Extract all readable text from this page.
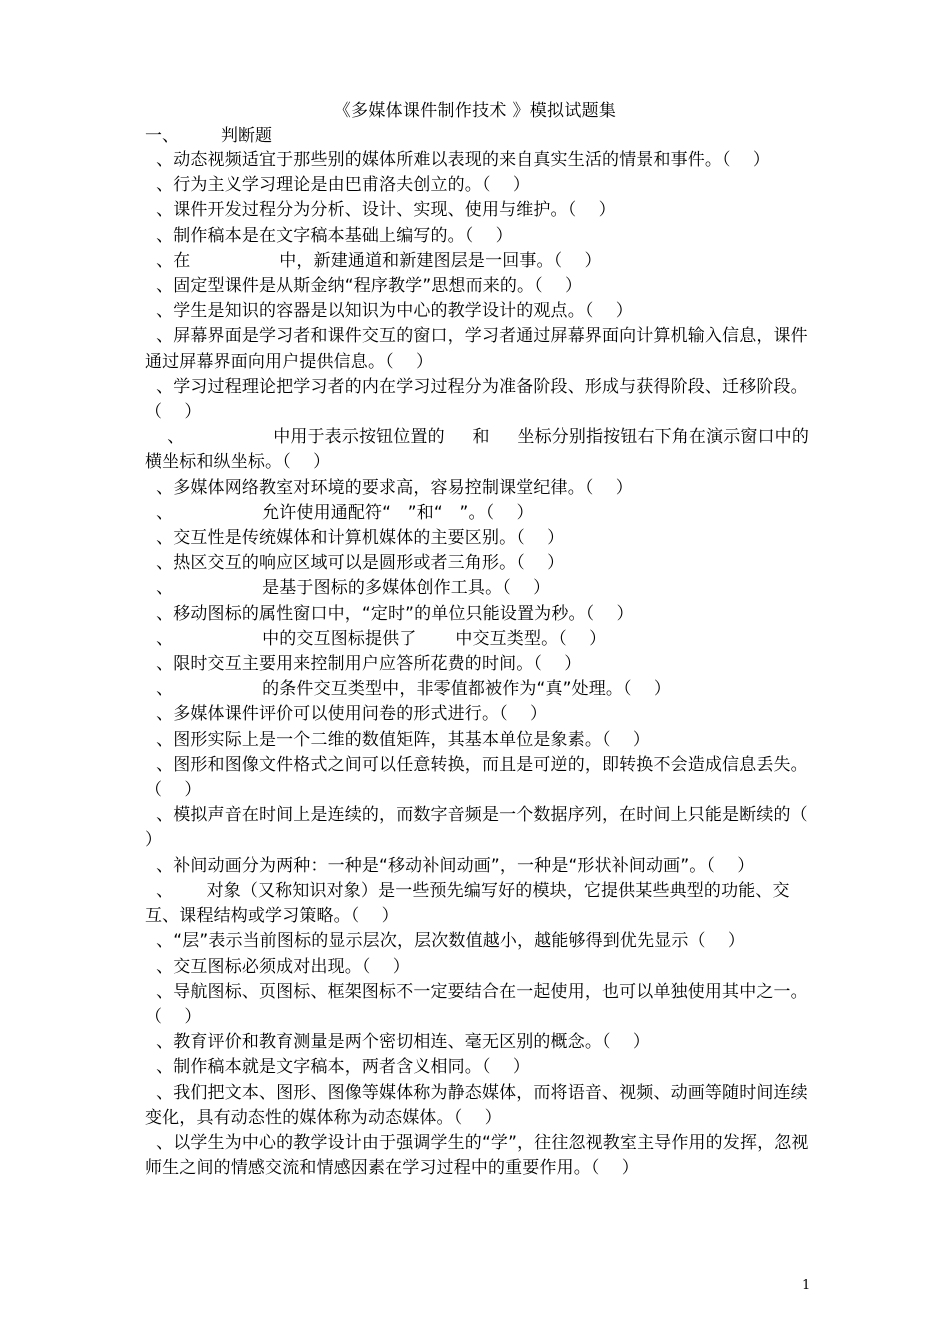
《多媒体课件制作技术 》模拟试题集
一、 判断题

、动态视频适宜于那些别的媒体所难以表现的来自真实生活的情景和事件。（    ）

、行为主义学习理论是由巴甫洛夫创立的。（    ）

、课件开发过程分为分析、设计、实现、使用与维护。（    ）

、制作稿本是在文字稿本基础上编写的。（    ）

、在                中，新建通道和新建图层是一回事。（    ）

、固定型课件是从斯金纳“程序教学”思想而来的。（    ）

、学生是知识的容器是以知识为中心的教学设计的观点。（    ）

、屏幕界面是学习者和课件交互的窗口，学习者通过屏幕界面向计算机输入信息，课件通过屏幕界面向用户提供信息。（    ）

、学习过程理论把学习者的内在学习过程分为准备阶段、形成与获得阶段、迁移阶段。（    ）

、                中用于表示按钮位置的     和     坐标分别指按钮右下角在演示窗口中的横坐标和纵坐标。（    ）

、多媒体网络教室对环境的要求高，容易控制课堂纪律。（    ）

、                允许使用通配符“   ”和“   ”。（    ）

、交互性是传统媒体和计算机媒体的主要区别。（    ）

、热区交互的响应区域可以是圆形或者三角形。（    ）

、                是基于图标的多媒体创作工具。（    ）

、移动图标的属性窗口中，“定时”的单位只能设置为秒。（    ）

、                中的交互图标提供了       中交互类型。（    ）

、限时交互主要用来控制用户应答所花费的时间。（    ）

、                的条件交互类型中，非零值都被作为“真”处理。（    ）

、多媒体课件评价可以使用问卷的形式进行。（    ）

、图形实际上是一个二维的数值矩阵，其基本单位是象素。（    ）

、图形和图像文件格式之间可以任意转换，而且是可逆的，即转换不会造成信息丢失。（    ）

、模拟声音在时间上是连续的，而数字音频是一个数据序列，在时间上只能是断续的（    ）

、补间动画分为两种：一种是“移动补间动画”，一种是“形状补间动画”。（    ）

、      对象（又称知识对象）是一些预先编写好的模块，它提供某些典型的功能、交互、课程结构或学习策略。（    ）

、“层”表示当前图标的显示层次，层次数值越小，越能够得到优先显示（    ）

、交互图标必须成对出现。（    ）

、导航图标、页图标、框架图标不一定要结合在一起使用，也可以单独使用其中之一。（    ）

、教育评价和教育测量是两个密切相连、毫无区别的概念。（    ）

、制作稿本就是文字稿本，两者含义相同。（    ）

、我们把文本、图形、图像等媒体称为静态媒体，而将语音、视频、动画等随时间连续变化，具有动态性的媒体称为动态媒体。（    ）

、以学生为中心的教学设计由于强调学生的“学”，往往忽视教室主导作用的发挥，忽视师生之间的情感交流和情感因素在学习过程中的重要作用。（    ）

1
